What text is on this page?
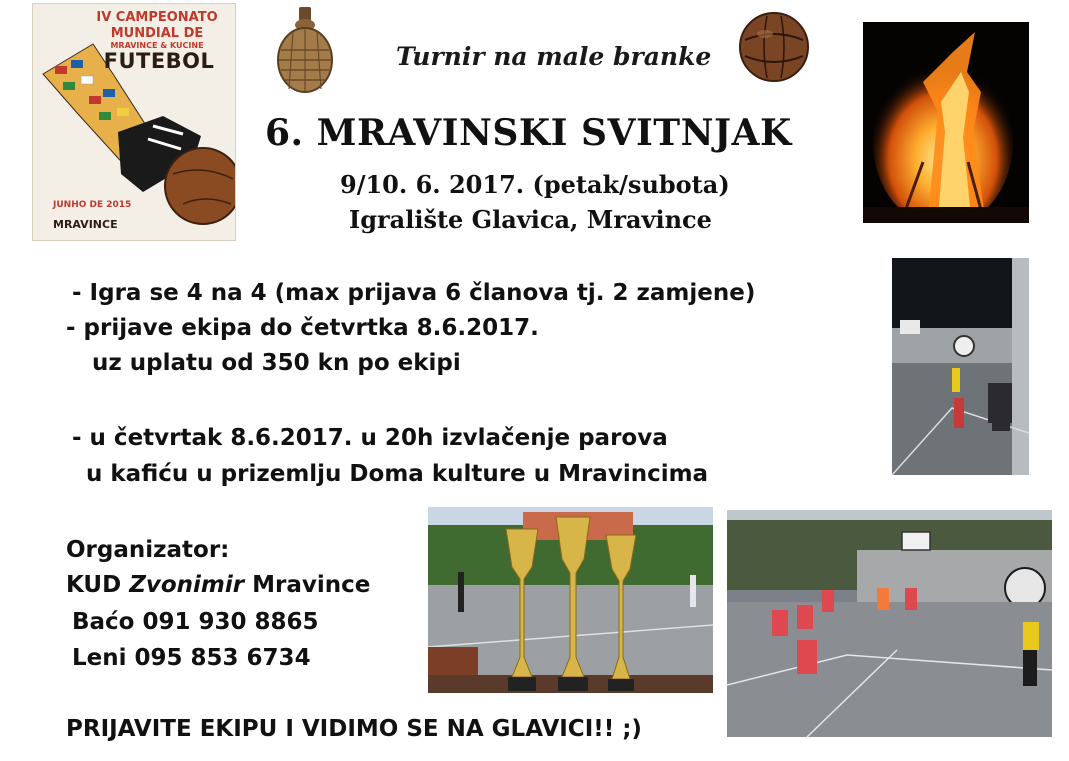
IV CAMPEONATO
MUNDIAL DE
MRAVINCE & KUCINE
FUTEBOL
JUNHO DE 2015
MRAVINCE
Turnir na male branke
6. MRAVINSKI SVITNJAK
9/10. 6. 2017. (petak/subota)
Igralište Glavica, Mravince
- Igra se 4 na 4 (max prijava 6 članova tj. 2 zamjene)
- prijave ekipa do četvrtka 8.6.2017.
uz uplatu od 350 kn po ekipi
- u četvrtak 8.6.2017. u 20h izvlačenje parova
u kafiću u prizemlju Doma kulture u Mravincima
Organizator:
KUD Zvonimir Mravince
Baćo 091 930 8865
Leni 095 853 6734
PRIJAVITE EKIPU I VIDIMO SE NA GLAVICI!! ;)
